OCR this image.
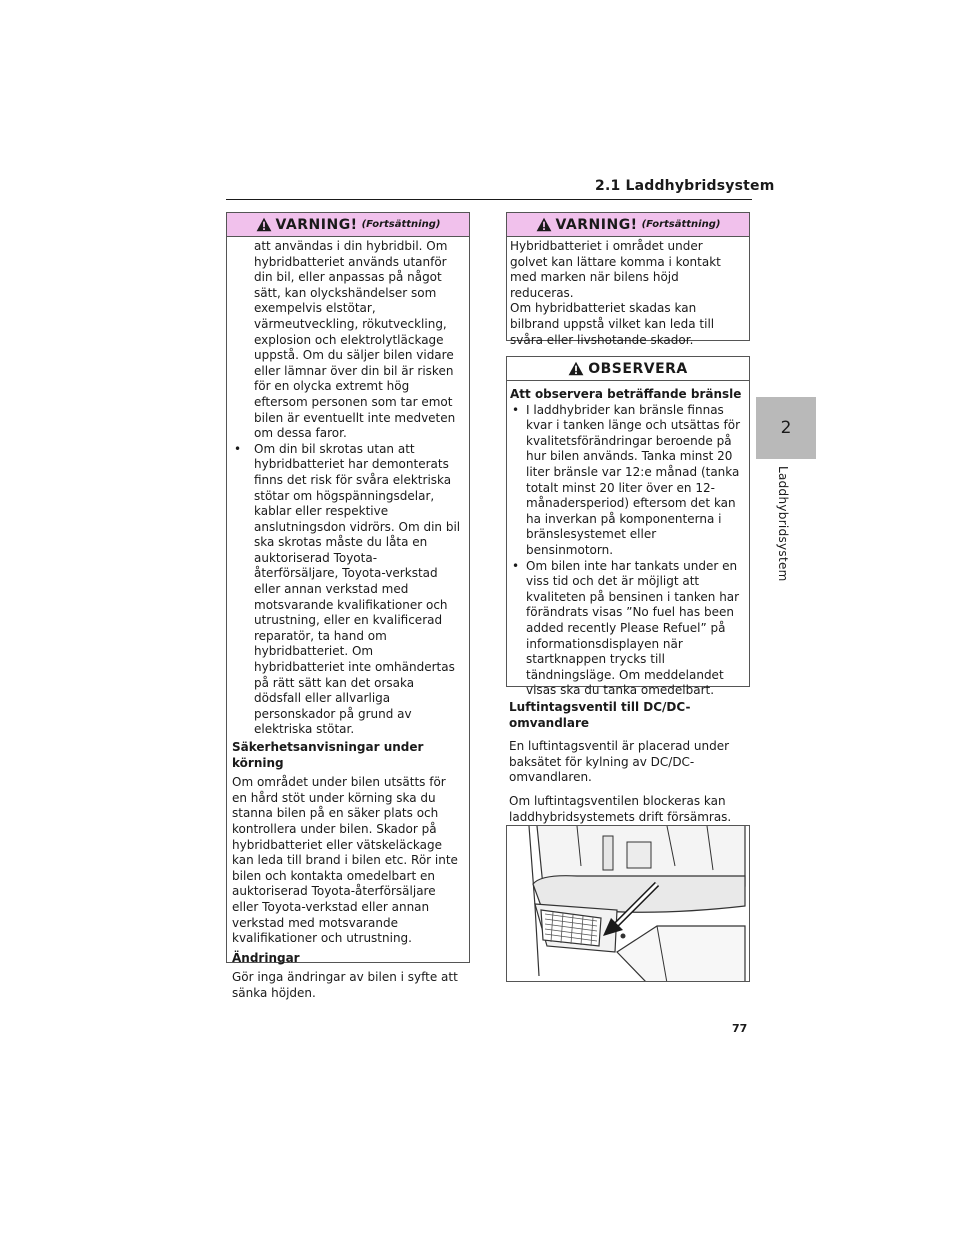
2.1 Laddhybridsystem
2
Laddhybridsystem
VARNING! (Fortsättning)
att användas i din hybridbil. Om hybridbatteriet används utanför din bil, eller anpassas på något sätt, kan olyckshändelser som exempelvis elstötar, värmeutveckling, rökutveckling, explosion och elektrolytläckage uppstå. Om du säljer bilen vidare eller lämnar över din bil är risken för en olycka extremt hög eftersom personen som tar emot bilen är eventuellt inte medveten om dessa faror.
• Om din bil skrotas utan att hybridbatteriet har demonterats finns det risk för svåra elektriska stötar om högspänningsdelar, kablar eller respektive anslutningsdon vidrörs. Om din bil ska skrotas måste du låta en auktoriserad Toyota-återförsäljare, Toyota-verkstad eller annan verkstad med motsvarande kvalifikationer och utrustning, eller en kvalificerad reparatör, ta hand om hybridbatteriet. Om hybridbatteriet inte omhändertas på rätt sätt kan det orsaka dödsfall eller allvarliga personskador på grund av elektriska stötar.
Säkerhetsanvisningar under körning
Om området under bilen utsätts för en hård stöt under körning ska du stanna bilen på en säker plats och kontrollera under bilen. Skador på hybridbatteriet eller vätskeläckage kan leda till brand i bilen etc. Rör inte bilen och kontakta omedelbart en auktoriserad Toyota-återförsäljare eller Toyota-verkstad eller annan verkstad med motsvarande kvalifikationer och utrustning.
Ändringar
Gör inga ändringar av bilen i syfte att sänka höjden.
VARNING! (Fortsättning)
Hybridbatteriet i området under golvet kan lättare komma i kontakt med marken när bilens höjd reduceras.
Om hybridbatteriet skadas kan bilbrand uppstå vilket kan leda till svåra eller livshotande skador.
OBSERVERA
Att observera beträffande bränsle
• I laddhybrider kan bränsle finnas kvar i tanken länge och utsättas för kvalitetsförändringar beroende på hur bilen används. Tanka minst 20 liter bränsle var 12:e månad (tanka totalt minst 20 liter över en 12-månadersperiod) eftersom det kan ha inverkan på komponenterna i bränslesystemet eller bensinmotorn.
• Om bilen inte har tankats under en viss tid och det är möjligt att kvaliteten på bensinen i tanken har förändrats visas ”No fuel has been added recently Please Refuel” på informationsdisplayen när startknappen trycks till tändningsläge. Om meddelandet visas ska du tanka omedelbart.
Luftintagsventil till DC/DC-omvandlare
En luftintagsventil är placerad under baksätet för kylning av DC/DC-omvandlaren.
Om luftintagsventilen blockeras kan laddhybridsystemets drift försämras.
77
